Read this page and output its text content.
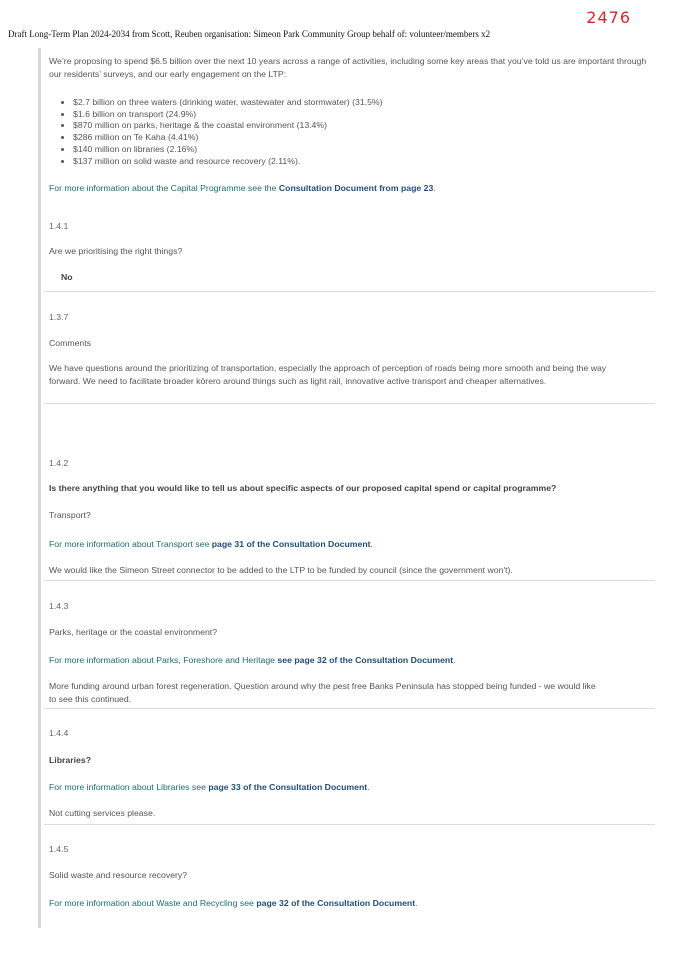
2476
Draft Long-Term Plan 2024-2034 from Scott, Reuben organisation: Simeon Park Community Group behalf of: volunteer/members x2
We’re proposing to spend $6.5 billion over the next 10 years across a range of activities, including some key areas that you’ve told us are important through our residents’ surveys, and our early engagement on the LTP:
• $2.7 billion on three waters (drinking water, wastewater and stormwater) (31.5%)
• $1.6 billion on transport (24.9%)
• $870 million on parks, heritage & the coastal environment (13.4%)
• $286 million on Te Kaha (4.41%)
• $140 million on libraries (2.16%)
• $137 million on solid waste and resource recovery (2.11%).
For more information about the Capital Programme see the Consultation Document from page 23.
1.4.1
Are we prioritising the right things?
No
1.3.7
Comments
We have questions around the prioritizing of transportation, especially the approach of perception of roads being more smooth and being the way forward. We need to facilitate broader kōrero around things such as light rail, innovative active transport and cheaper alternatives.
1.4.2
Is there anything that you would like to tell us about specific aspects of our proposed capital spend or capital programme?
Transport?
For more information about Transport see page 31 of the Consultation Document.
We would like the Simeon Street connector to be added to the LTP to be funded by council (since the government won't).
1.4.3
Parks, heritage or the coastal environment?
For more information about Parks, Foreshore and Heritage see page 32 of the Consultation Document.
More funding around urban forest regeneration. Question around why the pest free Banks Peninsula has stopped being funded - we would like to see this continued.
1.4.4
Libraries?
For more information about Libraries see page 33 of the Consultation Document.
Not cutting services please.
1.4.5
Solid waste and resource recovery?
For more information about Waste and Recycling see page 32 of the Consultation Document.
